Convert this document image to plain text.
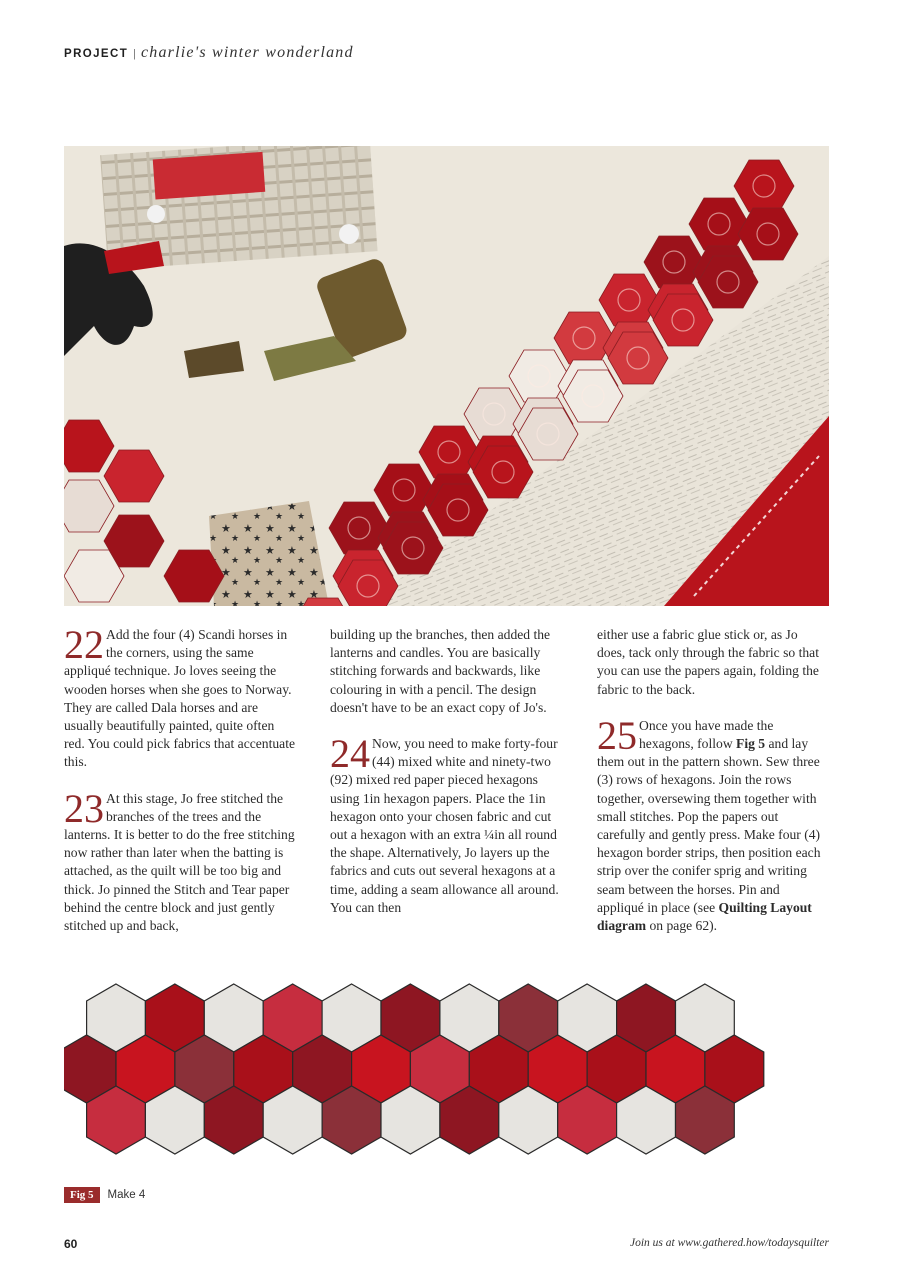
PROJECT | charlie's winter wonderland

22 Add the four (4) Scandi horses in the corners, using the same appliqué technique. Jo loves seeing the wooden horses when she goes to Norway. They are called Dala horses and are usually beautifully painted, quite often red. You could pick fabrics that accentuate this.

23 At this stage, Jo free stitched the branches of the trees and the lanterns. It is better to do the free stitching now rather than later when the batting is attached, as the quilt will be too big and thick. Jo pinned the Stitch and Tear paper behind the centre block and just gently stitched up and back,

building up the branches, then added the lanterns and candles. You are basically stitching forwards and backwards, like colouring in with a pencil. The design doesn't have to be an exact copy of Jo's.

24 Now, you need to make forty-four (44) mixed white and ninety-two (92) mixed red paper pieced hexagons using 1in hexagon papers. Place the 1in hexagon onto your chosen fabric and cut out a hexagon with an extra ¼in all round the shape. Alternatively, Jo layers up the fabrics and cuts out several hexagons at a time, adding a seam allowance all around. You can then

either use a fabric glue stick or, as Jo does, tack only through the fabric so that you can use the papers again, folding the fabric to the back.

25 Once you have made the hexagons, follow Fig 5 and lay them out in the pattern shown. Sew three (3) rows of hexagons. Join the rows together, oversewing them together with small stitches. Pop the papers out carefully and gently press. Make four (4) hexagon border strips, then position each strip over the conifer sprig and writing seam between the horses. Pin and appliqué in place (see Quilting Layout diagram on page 62).

Fig 5	Make 4
60	Join us at www.gathered.how/todaysquilter
